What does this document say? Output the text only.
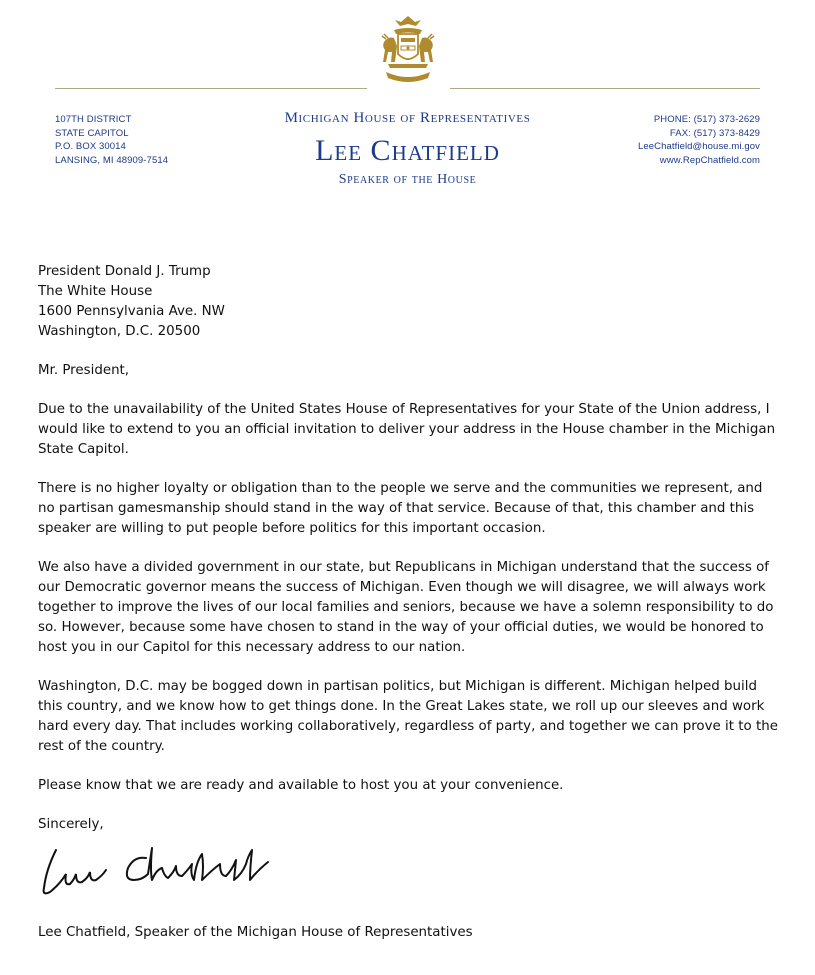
107TH DISTRICT
STATE CAPITOL
P.O. BOX 30014
LANSING, MI 48909-7514
Michigan House of Representatives
Lee Chatfield
Speaker of the House
PHONE: (517) 373-2629
FAX: (517) 373-8429
LeeChatfield@house.mi.gov
www.RepChatfield.com

President Donald J. Trump
The White House
1600 Pennsylvania Ave. NW
Washington, D.C. 20500

Mr. President,

Due to the unavailability of the United States House of Representatives for your State of the Union address, I would like to extend to you an official invitation to deliver your address in the House chamber in the Michigan State Capitol.

There is no higher loyalty or obligation than to the people we serve and the communities we represent, and no partisan gamesmanship should stand in the way of that service. Because of that, this chamber and this speaker are willing to put people before politics for this important occasion.

We also have a divided government in our state, but Republicans in Michigan understand that the success of our Democratic governor means the success of Michigan. Even though we will disagree, we will always work together to improve the lives of our local families and seniors, because we have a solemn responsibility to do so. However, because some have chosen to stand in the way of your official duties, we would be honored to host you in our Capitol for this necessary address to our nation.

Washington, D.C. may be bogged down in partisan politics, but Michigan is different. Michigan helped build this country, and we know how to get things done. In the Great Lakes state, we roll up our sleeves and work hard every day. That includes working collaboratively, regardless of party, and together we can prove it to the rest of the country.

Please know that we are ready and available to host you at your convenience.

Sincerely,

Lee Chatfield, Speaker of the Michigan House of Representatives
